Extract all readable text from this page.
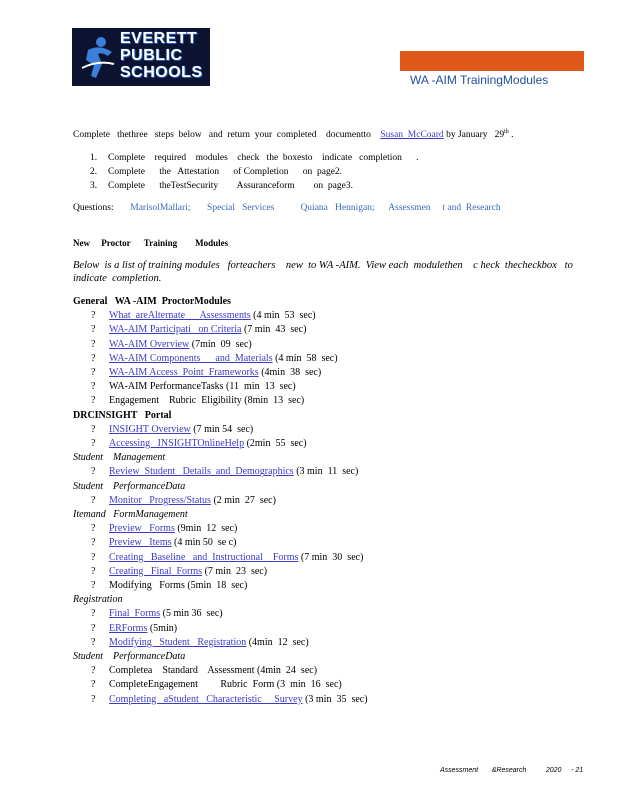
EVERETT
PUBLIC
SCHOOLS	WA -AIM TrainingModules
Complete   thethree   steps  below   and  return  your  completed    documentto Susan  McCoard by January   29th .
1. Complete    required    modules    check   the  boxesto    indicate   completion      .
2. Complete      the   Attestation      of Completion      on  page2.
3. Complete      theTestSecurity        Assuranceform        on  page3.
Questions: MarisolMallari;       Special   Services           Quiana   Hennigan;      Assessmen     t and  Research
New     Proctor      Training        Modules
Below  is a list of training modules   forteachers    new  to WA -AIM.  View each  modulethen    c heck  thecheckbox   to indicate  completion.
General   WA -AIM  ProctorModules
? What  areAlternate      Assessments (4 min  53  sec)
? WA-AIM Participati   on Criteria (7 min  43  sec)
? WA-AIM Overview (7min  09  sec)
? WA-AIM Components      and  Materials (4 min  58  sec)
? WA-AIM Access  Point  Frameworks (4min  38  sec)
? WA-AIM PerformanceTasks (11  min  13  sec)
? Engagement    Rubric  Eligibility (8min  13  sec)
DRCINSIGHT   Portal
? INSIGHT Overview (7 min 54  sec)
? Accessing   INSIGHTOnlineHelp (2min  55  sec)
Student    Management
? Review  Student   Details  and  Demographics (3 min  11  sec)
Student    PerformanceData
? Monitor   Progress/Status (2 min  27  sec)
Itemand   FormManagement
? Preview   Forms (9min  12  sec)
? Preview   Items (4 min 50  se c)
? Creating   Baseline   and  Instructional    Forms (7 min  30  sec)
? Creating   Final  Forms (7 min  23  sec)
? Modifying   Forms (5min  18  sec)
Registration
? Final  Forms (5 min 36  sec)
? ERForms (5min)
? Modifying   Student   Registration (4min  12  sec)
Student    PerformanceData
? Completea    Standard    Assessment (4min  24  sec)
? CompleteEngagement         Rubric  Form (3  min  16  sec)
? Completing   aStudent   Characteristic     Survey (3 min  35  sec)
Assessment       &Research          2020     - 21
